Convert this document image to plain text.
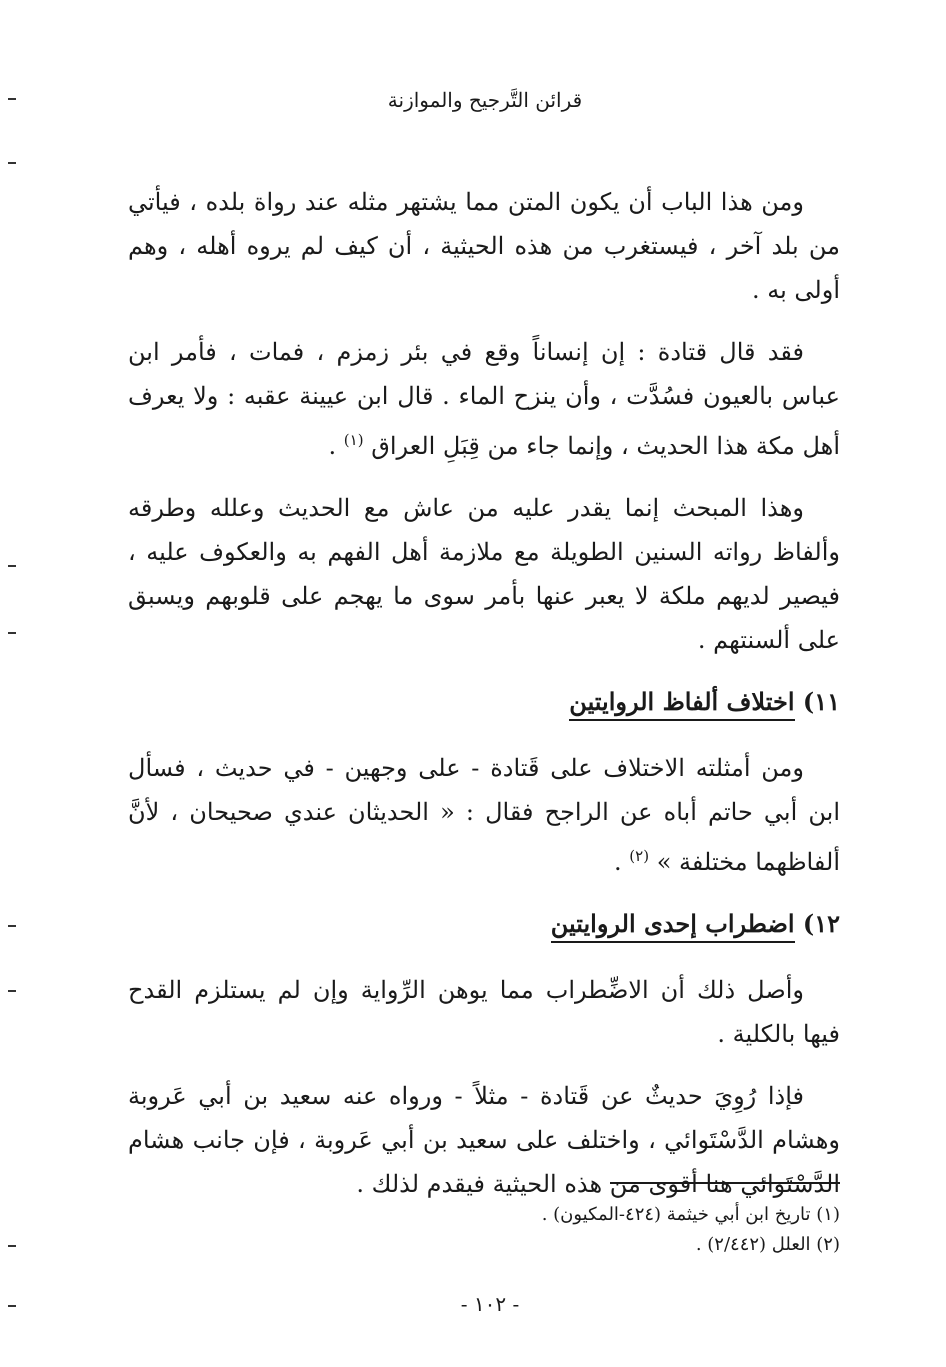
قرائن التَّرجيح والموازنة

ومن هذا الباب أن يكون المتن مما يشتهر مثله عند رواة بلده ، فيأتي من بلد آخر ، فيستغرب من هذه الحيثية ، أن كيف لم يروه أهله ، وهم أولى به .

فقد قال قتادة : إن إنساناً وقع في بئر زمزم ، فمات ، فأمر ابن عباس بالعيون فسُدَّت ، وأن ينزح الماء . قال ابن عيينة عقبه : ولا يعرف أهل مكة هذا الحديث ، وإنما جاء من قِبَلِ العراق $^{(١)}$ .

وهذا المبحث إنما يقدر عليه من عاش مع الحديث وعلله وطرقه وألفاظ رواته السنين الطويلة مع ملازمة أهل الفهم به والعكوف عليه ، فيصير لديهم ملكة لا يعبر عنها بأمر سوى ما يهجم على قلوبهم ويسبق على ألسنتهم .

١١) اختلاف ألفاظ الروايتين

ومن أمثلته الاختلاف على قَتادة - على وجهين - في حديث ، فسأل ابن أبي حاتم أباه عن الراجح فقال : « الحديثان عندي صحيحان ، لأنَّ ألفاظهما مختلفة » $^{(٢)}$ .

١٢) اضطراب إحدى الروايتين

وأصل ذلك أن الاضِّطراب مما يوهن الرِّواية وإن لم يستلزم القدح فيها بالكلية .

فإذا رُوِيَ حديثٌ عن قَتادة - مثلاً - ورواه عنه سعيد بن أبي عَروبة وهشام الدَّسْتَوائي ، واختلف على سعيد بن أبي عَروبة ، فإن جانب هشام الدَّسْتَوائي هنا أقوى من هذه الحيثية فيقدم لذلك .

(١) تاريخ ابن أبي خيثمة (٤٢٤-المكيون) .
(٢) العلل (٢/٤٤٢) .
- ١٠٢ -
